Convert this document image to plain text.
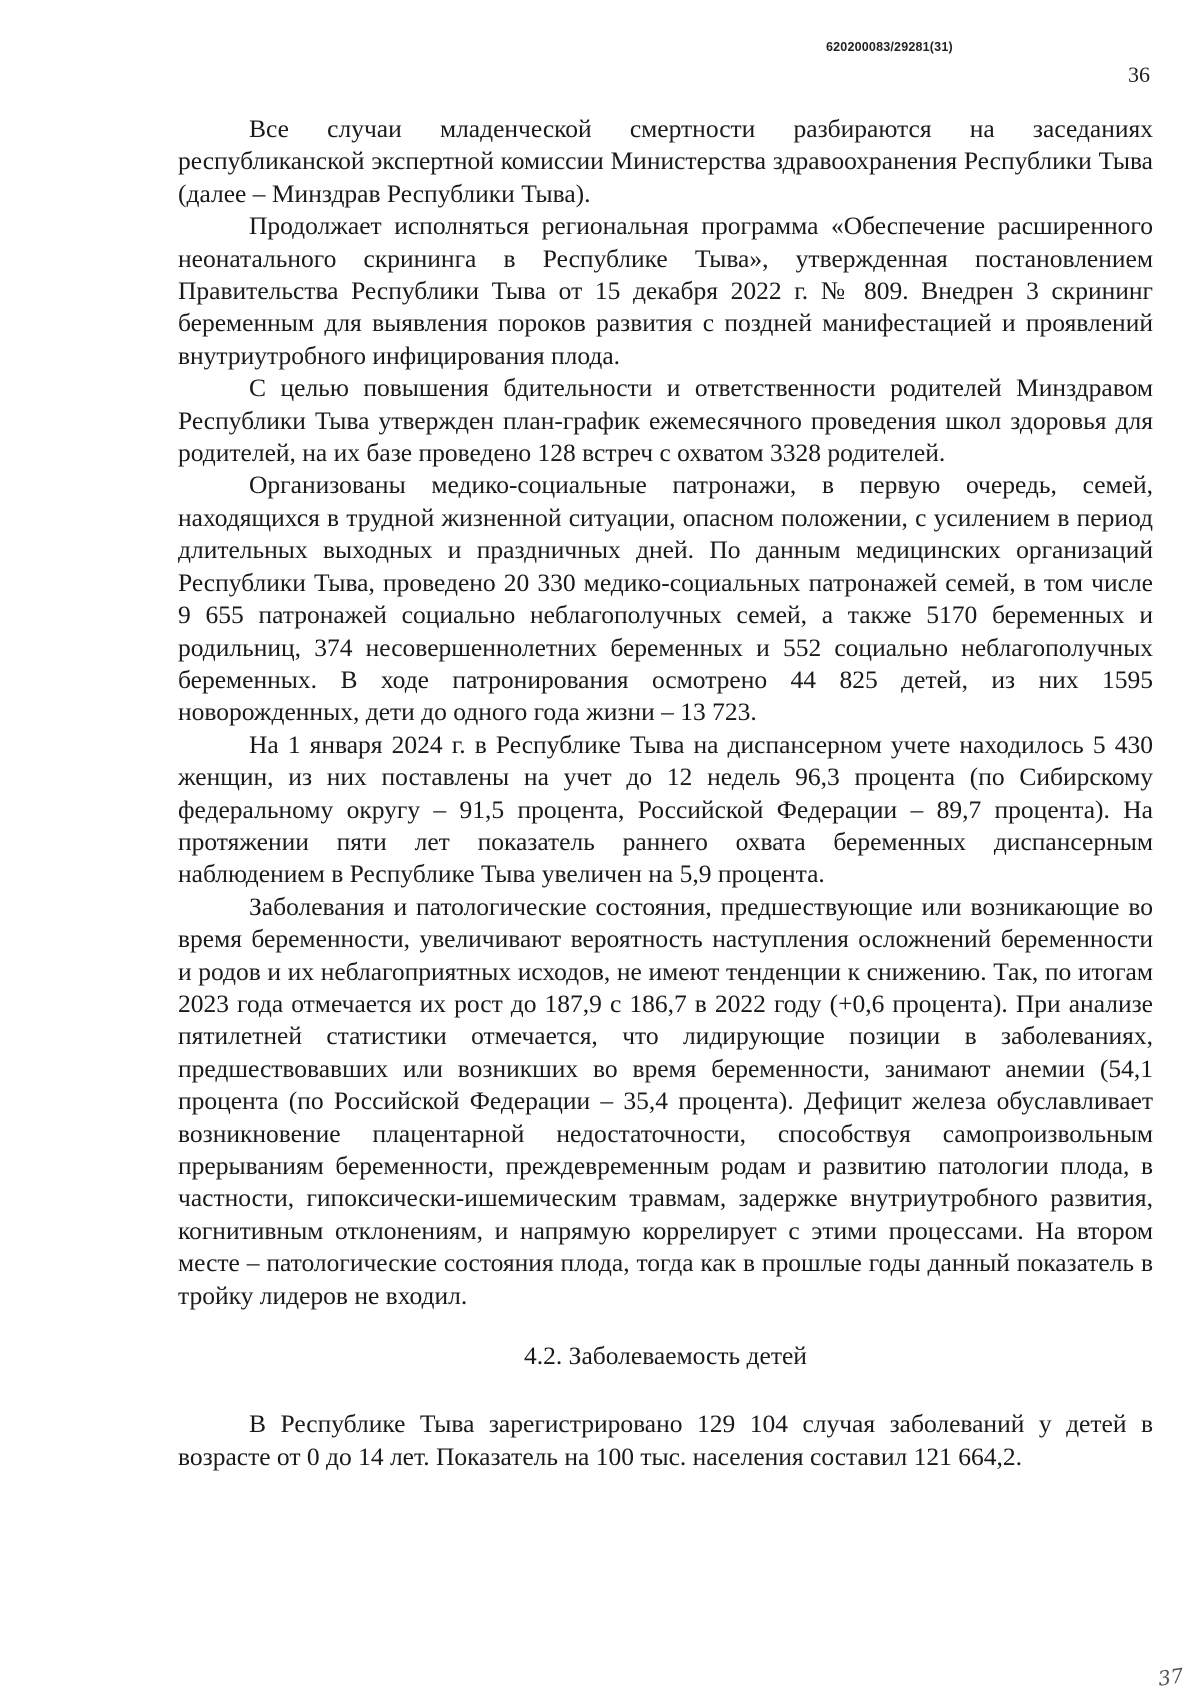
620200083/29281(31)
36

Все случаи младенческой смертности разбираются на заседаниях республиканской экспертной комиссии Министерства здравоохранения Республики Тыва (далее – Минздрав Республики Тыва).

Продолжает исполняться региональная программа «Обеспечение расширенного неонатального скрининга в Республике Тыва», утвержденная постановлением Правительства Республики Тыва от 15 декабря 2022 г. № 809. Внедрен 3 скрининг беременным для выявления пороков развития с поздней манифестацией и проявлений внутриутробного инфицирования плода.

С целью повышения бдительности и ответственности родителей Минздравом Республики Тыва утвержден план-график ежемесячного проведения школ здоровья для родителей, на их базе проведено 128 встреч с охватом 3328 родителей.

Организованы медико-социальные патронажи, в первую очередь, семей, находящихся в трудной жизненной ситуации, опасном положении, с усилением в период длительных выходных и праздничных дней. По данным медицинских организаций Республики Тыва, проведено 20 330 медико-социальных патронажей семей, в том числе 9 655 патронажей социально неблагополучных семей, а также 5170 беременных и родильниц, 374 несовершеннолетних беременных и 552 социально неблагополучных беременных. В ходе патронирования осмотрено 44 825 детей, из них 1595 новорожденных, дети до одного года жизни – 13 723.

На 1 января 2024 г. в Республике Тыва на диспансерном учете находилось 5 430 женщин, из них поставлены на учет до 12 недель 96,3 процента (по Сибирскому федеральному округу – 91,5 процента, Российской Федерации – 89,7 процента). На протяжении пяти лет показатель раннего охвата беременных диспансерным наблюдением в Республике Тыва увеличен на 5,9 процента.

Заболевания и патологические состояния, предшествующие или возникающие во время беременности, увеличивают вероятность наступления осложнений беременности и родов и их неблагоприятных исходов, не имеют тенденции к снижению. Так, по итогам 2023 года отмечается их рост до 187,9 с 186,7 в 2022 году (+0,6 процента). При анализе пятилетней статистики отмечается, что лидирующие позиции в заболеваниях, предшествовавших или возникших во время беременности, занимают анемии (54,1 процента (по Российской Федерации – 35,4 процента). Дефицит железа обуславливает возникновение плацентарной недостаточности, способствуя самопроизвольным прерываниям беременности, преждевременным родам и развитию патологии плода, в частности, гипоксически-ишемическим травмам, задержке внутриутробного развития, когнитивным отклонениям, и напрямую коррелирует с этими процессами. На втором месте – патологические состояния плода, тогда как в прошлые годы данный показатель в тройку лидеров не входил.

4.2. Заболеваемость детей

В Республике Тыва зарегистрировано 129 104 случая заболеваний у детей в возрасте от 0 до 14 лет. Показатель на 100 тыс. населения составил 121 664,2.

37
